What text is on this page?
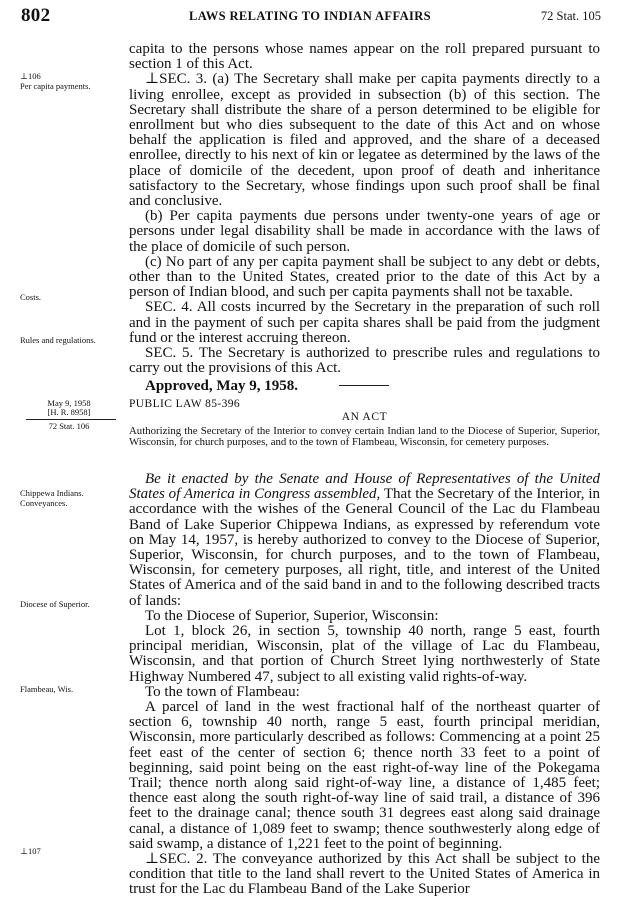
802	LAWS RELATING TO INDIAN AFFAIRS	72 Stat. 105
⊥106
Per capita payments.
Costs.
Rules and regulations.
May 9, 1958
[H. R. 8958]
72 Stat. 106
Chippewa Indians. Conveyances.
Diocese of Superior.
Flambeau, Wis.
⊥107

capita to the persons whose names appear on the roll prepared pursuant to section 1 of this Act.

⊥SEC. 3. (a) The Secretary shall make per capita payments directly to a living enrollee, except as provided in subsection (b) of this section. The Secretary shall distribute the share of a person determined to be eligible for enrollment but who dies subsequent to the date of this Act and on whose behalf the application is filed and approved, and the share of a deceased enrollee, directly to his next of kin or legatee as determined by the laws of the place of domicile of the decedent, upon proof of death and inheritance satisfactory to the Secretary, whose findings upon such proof shall be final and conclusive.

(b) Per capita payments due persons under twenty-one years of age or persons under legal disability shall be made in accordance with the laws of the place of domicile of such person.

(c) No part of any per capita payment shall be subject to any debt or debts, other than to the United States, created prior to the date of this Act by a person of Indian blood, and such per capita payments shall not be taxable.

SEC. 4. All costs incurred by the Secretary in the preparation of such roll and in the payment of such per capita shares shall be paid from the judgment fund or the interest accruing thereon.

SEC. 5. The Secretary is authorized to prescribe rules and regulations to carry out the provisions of this Act.

Approved, May 9, 1958.

PUBLIC LAW 85-396
AN ACT
Authorizing the Secretary of the Interior to convey certain Indian land to the Diocese of Superior, Superior, Wisconsin, for church purposes, and to the town of Flambeau, Wisconsin, for cemetery purposes.

Be it enacted by the Senate and House of Representatives of the United States of America in Congress assembled, That the Secretary of the Interior, in accordance with the wishes of the General Council of the Lac du Flambeau Band of Lake Superior Chippewa Indians, as expressed by referendum vote on May 14, 1957, is hereby authorized to convey to the Diocese of Superior, Superior, Wisconsin, for church purposes, and to the town of Flambeau, Wisconsin, for cemetery purposes, all right, title, and interest of the United States of America and of the said band in and to the following described tracts of lands:

To the Diocese of Superior, Superior, Wisconsin:

Lot 1, block 26, in section 5, township 40 north, range 5 east, fourth principal meridian, Wisconsin, plat of the village of Lac du Flambeau, Wisconsin, and that portion of Church Street lying northwesterly of State Highway Numbered 47, subject to all existing valid rights-of-way.

To the town of Flambeau:

A parcel of land in the west fractional half of the northeast quarter of section 6, township 40 north, range 5 east, fourth principal meridian, Wisconsin, more particularly described as follows: Commencing at a point 25 feet east of the center of section 6; thence north 33 feet to a point of beginning, said point being on the east right-of-way line of the Pokegama Trail; thence north along said right-of-way line, a distance of 1,485 feet; thence east along the south right-of-way line of said trail, a distance of 396 feet to the drainage canal; thence south 31 degrees east along said drainage canal, a distance of 1,089 feet to swamp; thence southwesterly along edge of said swamp, a distance of 1,221 feet to the point of beginning.

⊥SEC. 2. The conveyance authorized by this Act shall be subject to the condition that title to the land shall revert to the United States of America in trust for the Lac du Flambeau Band of the Lake Superior
